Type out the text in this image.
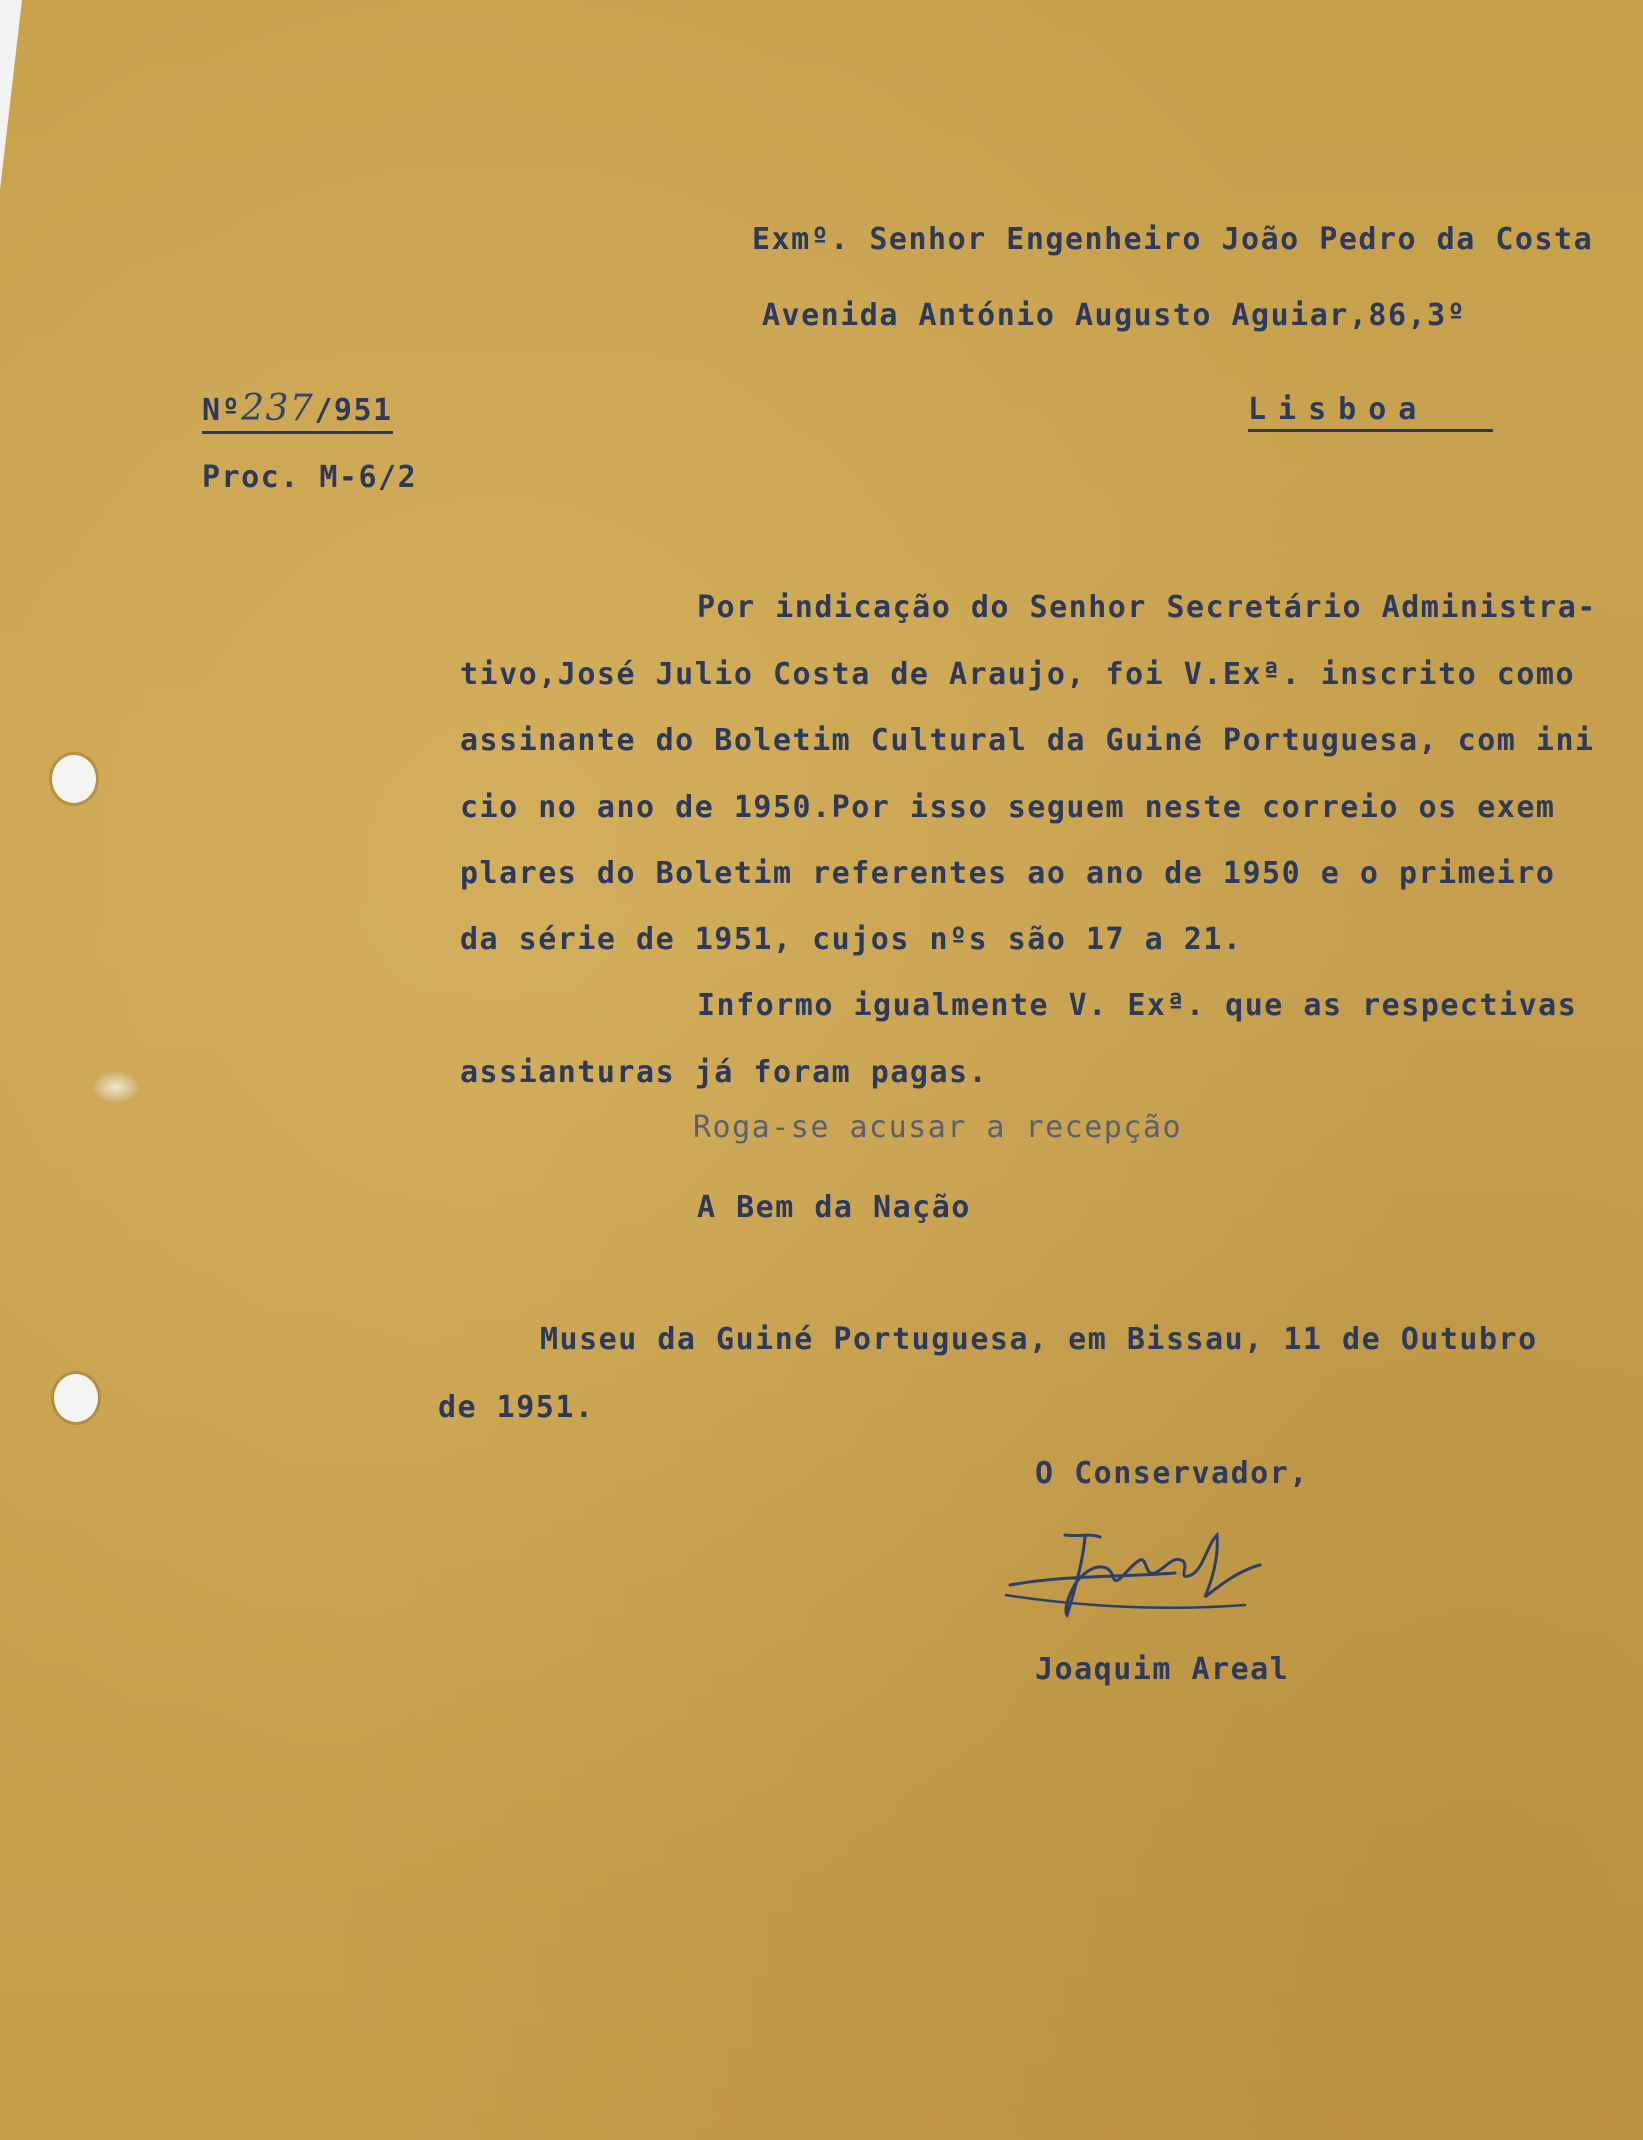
Exmº. Senhor Engenheiro João Pedro da Costa
Avenida António Augusto Aguiar,86,3º
Lisboa
Nº237/951
Proc. M-6/2
Por indicação do Senhor Secretário Administra-
tivo,José Julio Costa de Araujo, foi V.Exª. inscrito como
assinante do Boletim Cultural da Guiné Portuguesa, com ini
cio no ano de 1950.Por isso seguem neste correio os exem
plares do Boletim referentes ao ano de 1950 e o primeiro
da série de 1951, cujos nºs são 17 a 21.
Informo igualmente V. Exª. que as respectivas
assianturas já foram pagas.
Roga-se acusar a recepção
A Bem da Nação
Museu da Guiné Portuguesa, em Bissau, 11 de Outubro
de 1951.
O Conservador,
Joaquim Areal
